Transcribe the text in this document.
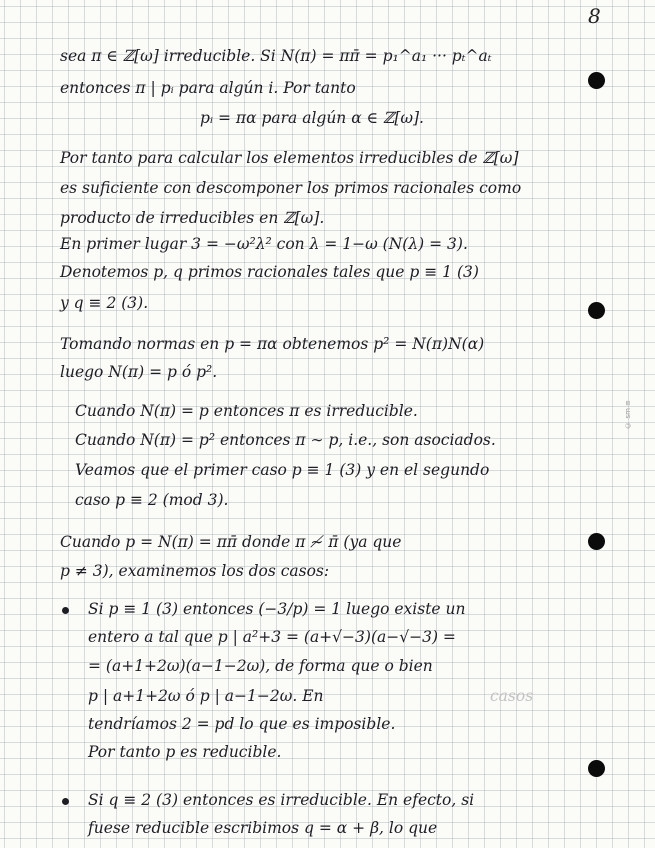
8
© sm ≡
sea π ∈ ℤ[ω] irreducible. Si N(π) = ππ̄ = p₁^a₁ ··· pₜ^aₜ
entonces π | pᵢ para algún i. Por tanto
pᵢ = πα para algún α ∈ ℤ[ω].
Por tanto para calcular los elementos irreducibles de ℤ[ω]
es suficiente con descomponer los primos racionales como
producto de irreducibles en ℤ[ω].
En primer lugar 3 = −ω²λ² con λ = 1−ω (N(λ) = 3).
Denotemos p, q primos racionales tales que p ≡ 1 (3)
y q ≡ 2 (3).
Tomando normas en p = πα obtenemos p² = N(π)N(α)
luego N(π) = p ó p².
Cuando N(π) = p entonces π es irreducible.
Cuando N(π) = p² entonces π ∼ p, i.e., son asociados.
Veamos que el primer caso p ≡ 1 (3) y en el segundo
caso p ≡ 2 (mod 3).
Cuando p = N(π) = ππ̄ donde π ≁ π̄ (ya que
p ≠ 3), examinemos los dos casos:
Si p ≡ 1 (3) entonces (−3/p) = 1 luego existe un
entero a tal que p | a²+3 = (a+√−3)(a−√−3) =
= (a+1+2ω)(a−1−2ω), de forma que o bien
p | a+1+2ω ó p | a−1−2ω. En	casos
tendríamos 2 = pd lo que es imposible.
Por tanto p es reducible.
Si q ≡ 2 (3) entonces es irreducible. En efecto, si
fuese reducible escribimos q = α + β, lo que
